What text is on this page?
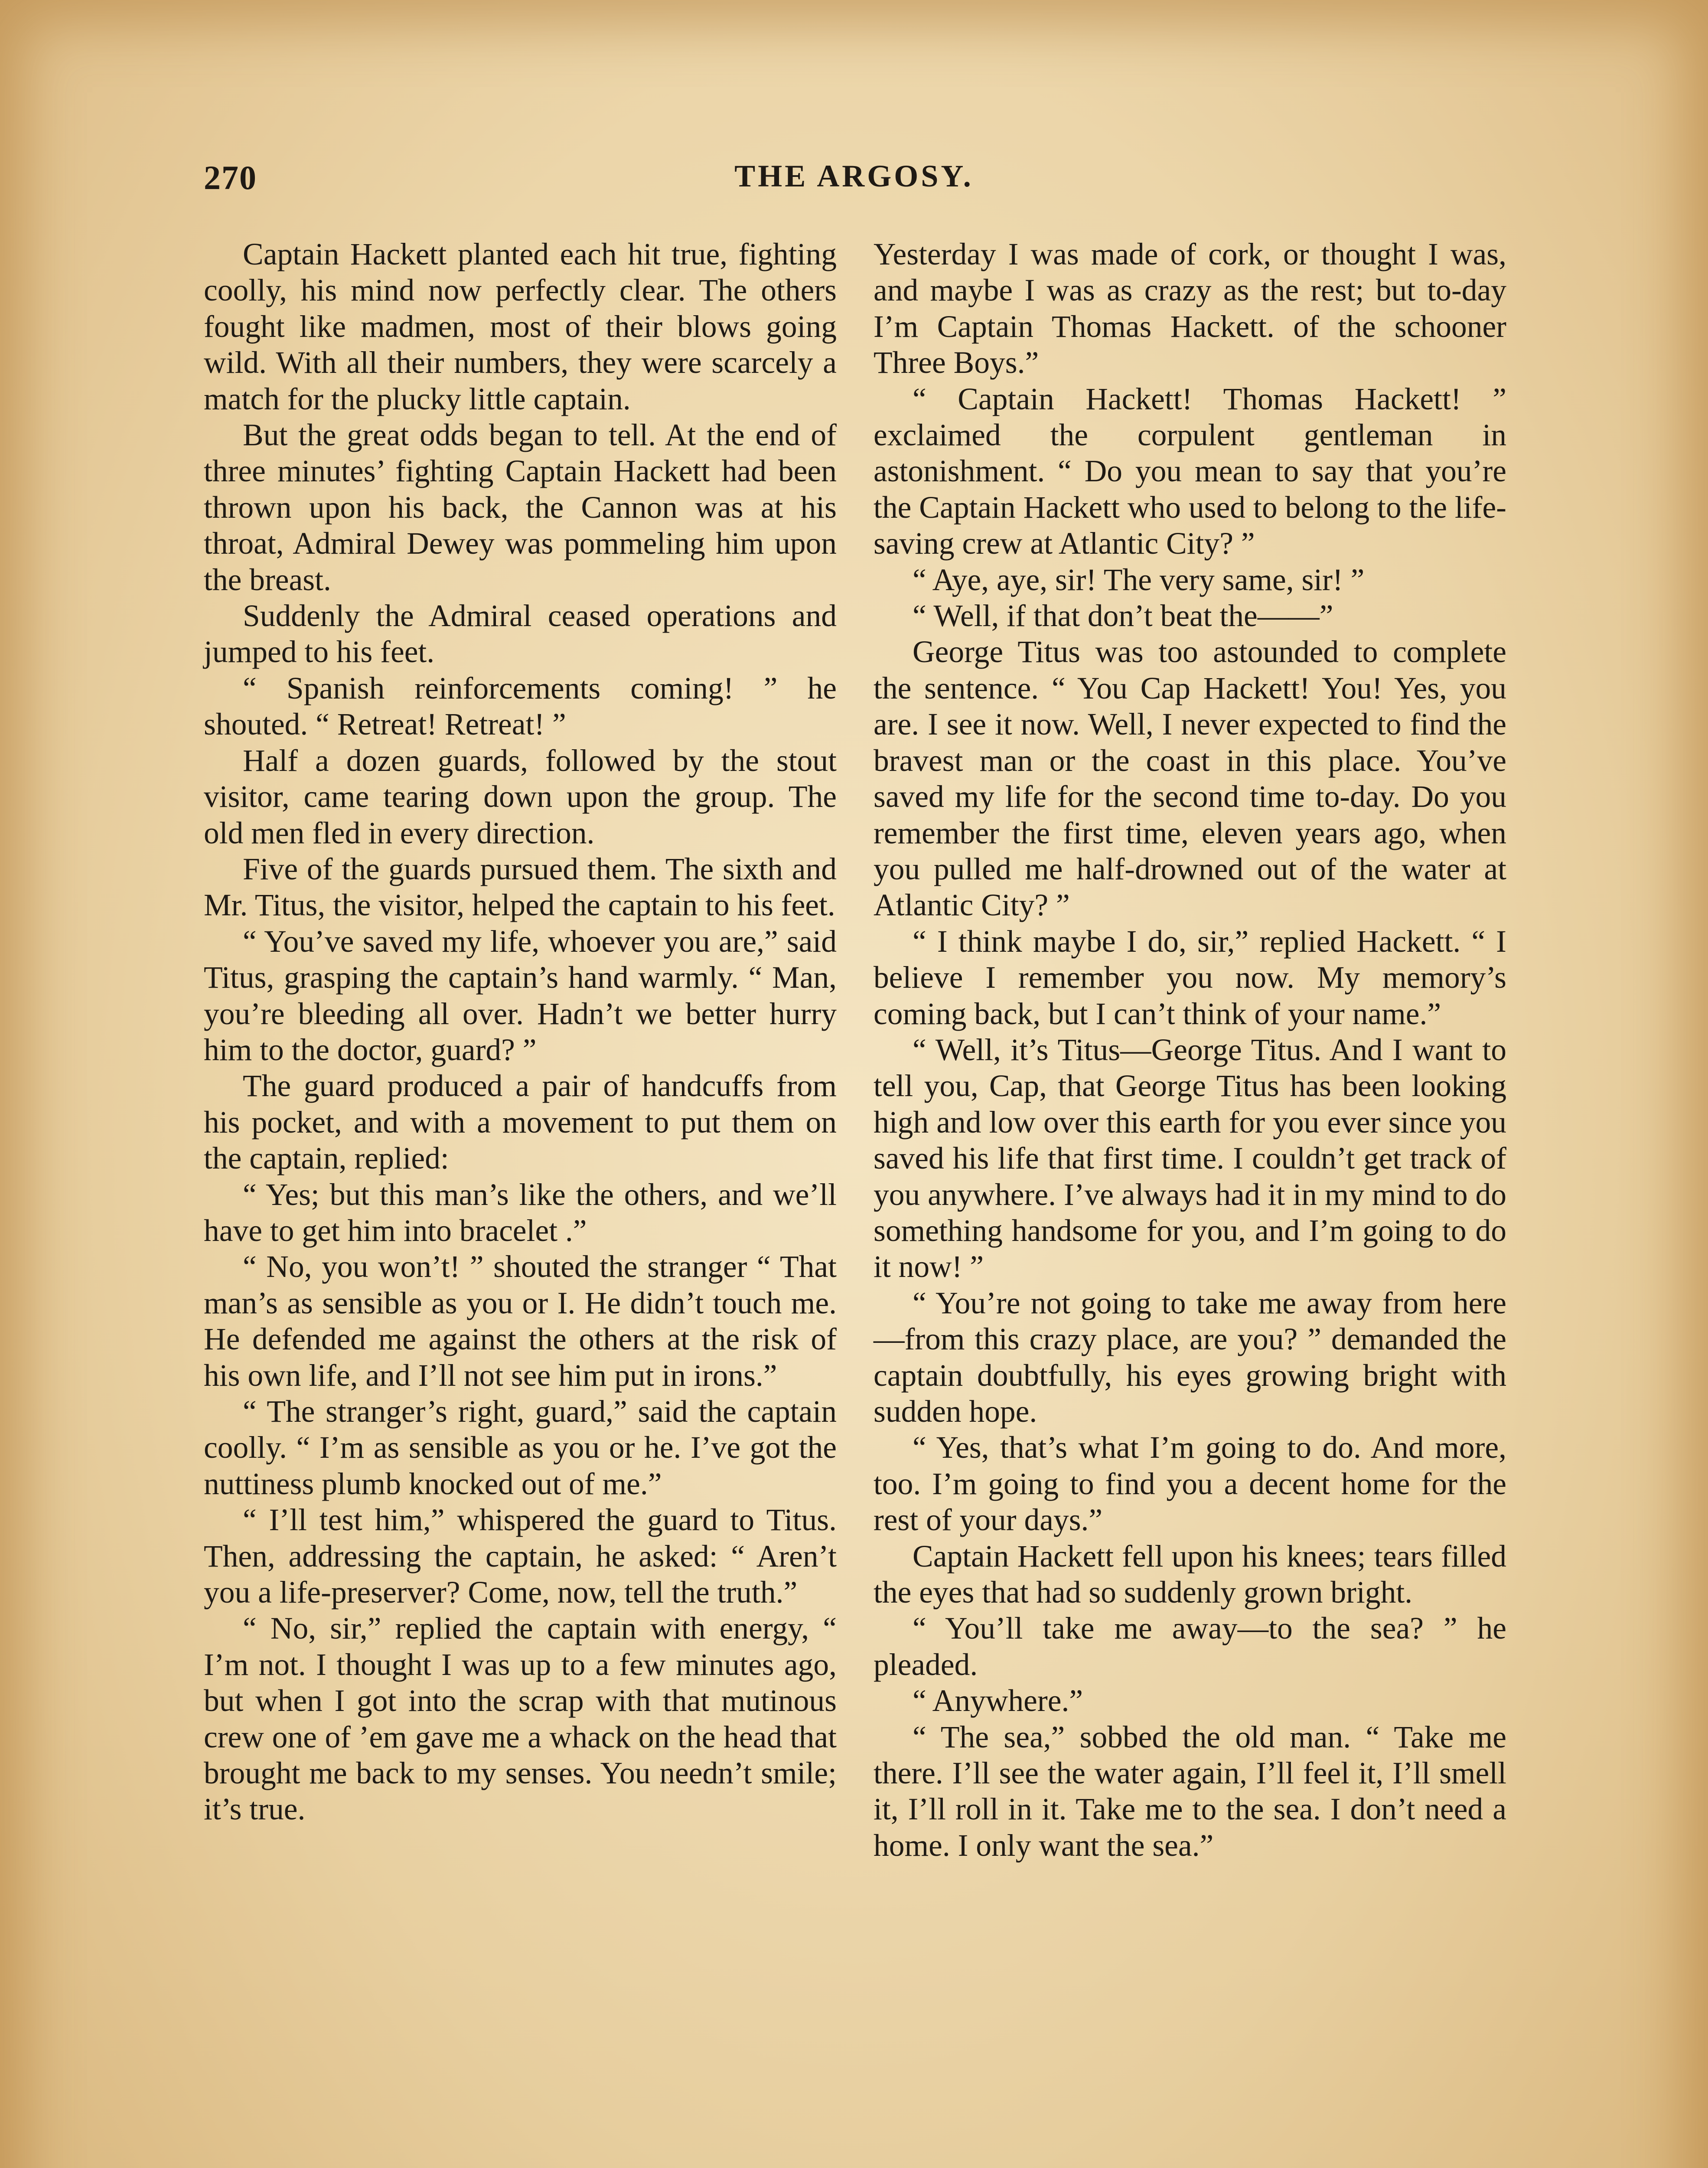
270	THE ARGOSY.

Captain Hackett planted each hit true, fighting coolly, his mind now perfectly clear. The others fought like madmen, most of their blows going wild. With all their numbers, they were scarcely a match for the plucky little captain.

But the great odds began to tell. At the end of three minutes’ fighting Captain Hackett had been thrown upon his back, the Cannon was at his throat, Admiral Dewey was pommeling him upon the breast.

Suddenly the Admiral ceased operations and jumped to his feet.

“ Spanish reinforcements coming! ” he shouted. “ Retreat! Retreat! ”

Half a dozen guards, followed by the stout visitor, came tearing down upon the group. The old men fled in every direction.

Five of the guards pursued them. The sixth and Mr. Titus, the visitor, helped the captain to his feet.

“ You’ve saved my life, whoever you are,” said Titus, grasping the captain’s hand warmly. “ Man, you’re bleeding all over. Hadn’t we better hurry him to the doctor, guard? ”

The guard produced a pair of handcuffs from his pocket, and with a movement to put them on the captain, replied:

“ Yes; but this man’s like the others, and we’ll have to get him into bracelet .”

“ No, you won’t! ” shouted the stranger “ That man’s as sensible as you or I. He didn’t touch me. He defended me against the others at the risk of his own life, and I’ll not see him put in irons.”

“ The stranger’s right, guard,” said the captain coolly. “ I’m as sensible as you or he. I’ve got the nuttiness plumb knocked out of me.”

“ I’ll test him,” whispered the guard to Titus. Then, addressing the captain, he asked: “ Aren’t you a life-preserver? Come, now, tell the truth.”

“ No, sir,” replied the captain with energy, “ I’m not. I thought I was up to a few minutes ago, but when I got into the scrap with that mutinous crew one of ’em gave me a whack on the head that brought me back to my senses. You needn’t smile; it’s true.

Yesterday I was made of cork, or thought I was, and maybe I was as crazy as the rest; but to-day I’m Captain Thomas Hackett. of the schooner Three Boys.”

“ Captain Hackett! Thomas Hackett! ” exclaimed the corpulent gentleman in astonishment. “ Do you mean to say that you’re the Captain Hackett who used to belong to the life-saving crew at Atlantic City? ”

“ Aye, aye, sir! The very same, sir! ”

“ Well, if that don’t beat the——”

George Titus was too astounded to complete the sentence. “ You Cap Hackett! You! Yes, you are. I see it now. Well, I never expected to find the bravest man or the coast in this place. You’ve saved my life for the second time to-day. Do you remember the first time, eleven years ago, when you pulled me half-drowned out of the water at Atlantic City? ”

“ I think maybe I do, sir,” replied Hackett. “ I believe I remember you now. My memory’s coming back, but I can’t think of your name.”

“ Well, it’s Titus—George Titus. And I want to tell you, Cap, that George Titus has been looking high and low over this earth for you ever since you saved his life that first time. I couldn’t get track of you anywhere. I’ve always had it in my mind to do something handsome for you, and I’m going to do it now! ”

“ You’re not going to take me away from here—from this crazy place, are you? ” demanded the captain doubtfully, his eyes growing bright with sudden hope.

“ Yes, that’s what I’m going to do. And more, too. I’m going to find you a decent home for the rest of your days.”

Captain Hackett fell upon his knees; tears filled the eyes that had so suddenly grown bright.

“ You’ll take me away—to the sea? ” he pleaded.

“ Anywhere.”

“ The sea,” sobbed the old man. “ Take me there. I’ll see the water again, I’ll feel it, I’ll smell it, I’ll roll in it. Take me to the sea. I don’t need a home. I only want the sea.”
